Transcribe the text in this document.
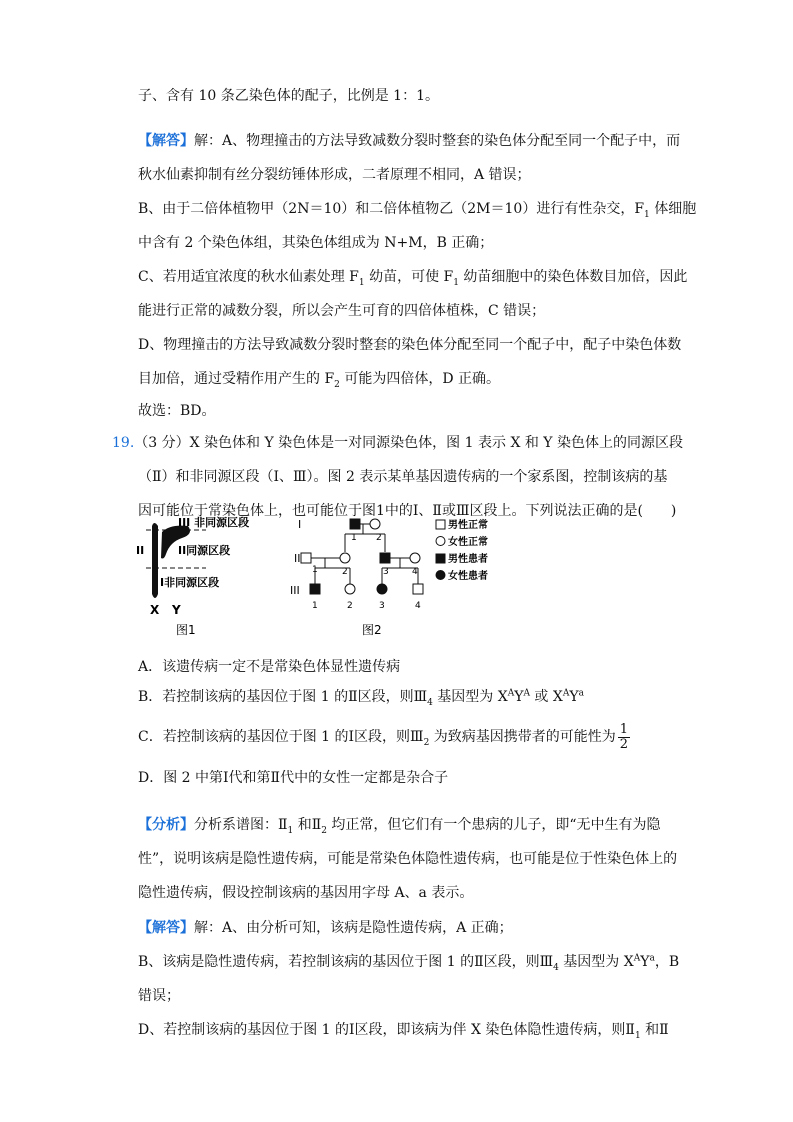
子、含有 10 条乙染色体的配子，比例是 1：1。
【解答】解：A、物理撞击的方法导致减数分裂时整套的染色体分配至同一个配子中，而
秋水仙素抑制有丝分裂纺锤体形成，二者原理不相同，A 错误；
B、由于二倍体植物甲（2N＝10）和二倍体植物乙（2M＝10）进行有性杂交，$F_1$ 体细胞
中含有 2 个染色体组，其染色体组成为 N+M，B 正确；
C、若用适宜浓度的秋水仙素处理 $F_1$ 幼苗，可使 $F_1$ 幼苗细胞中的染色体数目加倍，因此
能进行正常的减数分裂，所以会产生可育的四倍体植株，C 错误；
D、物理撞击的方法导致减数分裂时整套的染色体分配至同一个配子中，配子中染色体数
目加倍，通过受精作用产生的 $F_2$ 可能为四倍体，D 正确。
故选：BD。
19.（3 分）X 染色体和 Y 染色体是一对同源染色体，图 1 表示 X 和 Y 染色体上的同源区段
（Ⅱ）和非同源区段（Ⅰ、Ⅲ）。图 2 表示某单基因遗传病的一个家系图，控制该病的基
因可能位于常染色体上，也可能位于图1中的Ⅰ、Ⅱ或Ⅲ区段上。下列说法正确的是(　　)
III 非同源区段
II	II同源区段
I非同源区段
X Y
图1
I
II
III
1 2
1	2	3	4
1	2	3	4
图2
男性正常
女性正常
男性患者
女性患者
A．该遗传病一定不是常染色体显性遗传病
B．若控制该病的基因位于图 1 的Ⅱ区段，则$Ⅲ_4$ 基因型为 $X^AY^A$ 或 $X^AY^a$
C．若控制该病的基因位于图 1 的Ⅰ区段，则$Ⅲ_2$ 为致病基因携带者的可能性为 $\frac{1}{2}$
D．图 2 中第Ⅰ代和第Ⅱ代中的女性一定都是杂合子
【分析】分析系谱图：$Ⅱ_1$ 和$Ⅱ_2$ 均正常，但它们有一个患病的儿子，即“无中生有为隐
性”，说明该病是隐性遗传病，可能是常染色体隐性遗传病，也可能是位于性染色体上的
隐性遗传病，假设控制该病的基因用字母 A、a 表示。
【解答】解：A、由分析可知，该病是隐性遗传病，A 正确；
B、该病是隐性遗传病，若控制该病的基因位于图 1 的Ⅱ区段，则$Ⅲ_4$ 基因型为 $X^AY^a$，B
错误；
D、若控制该病的基因位于图 1 的Ⅰ区段，即该病为伴 X 染色体隐性遗传病，则$Ⅱ_1$ 和Ⅱ
